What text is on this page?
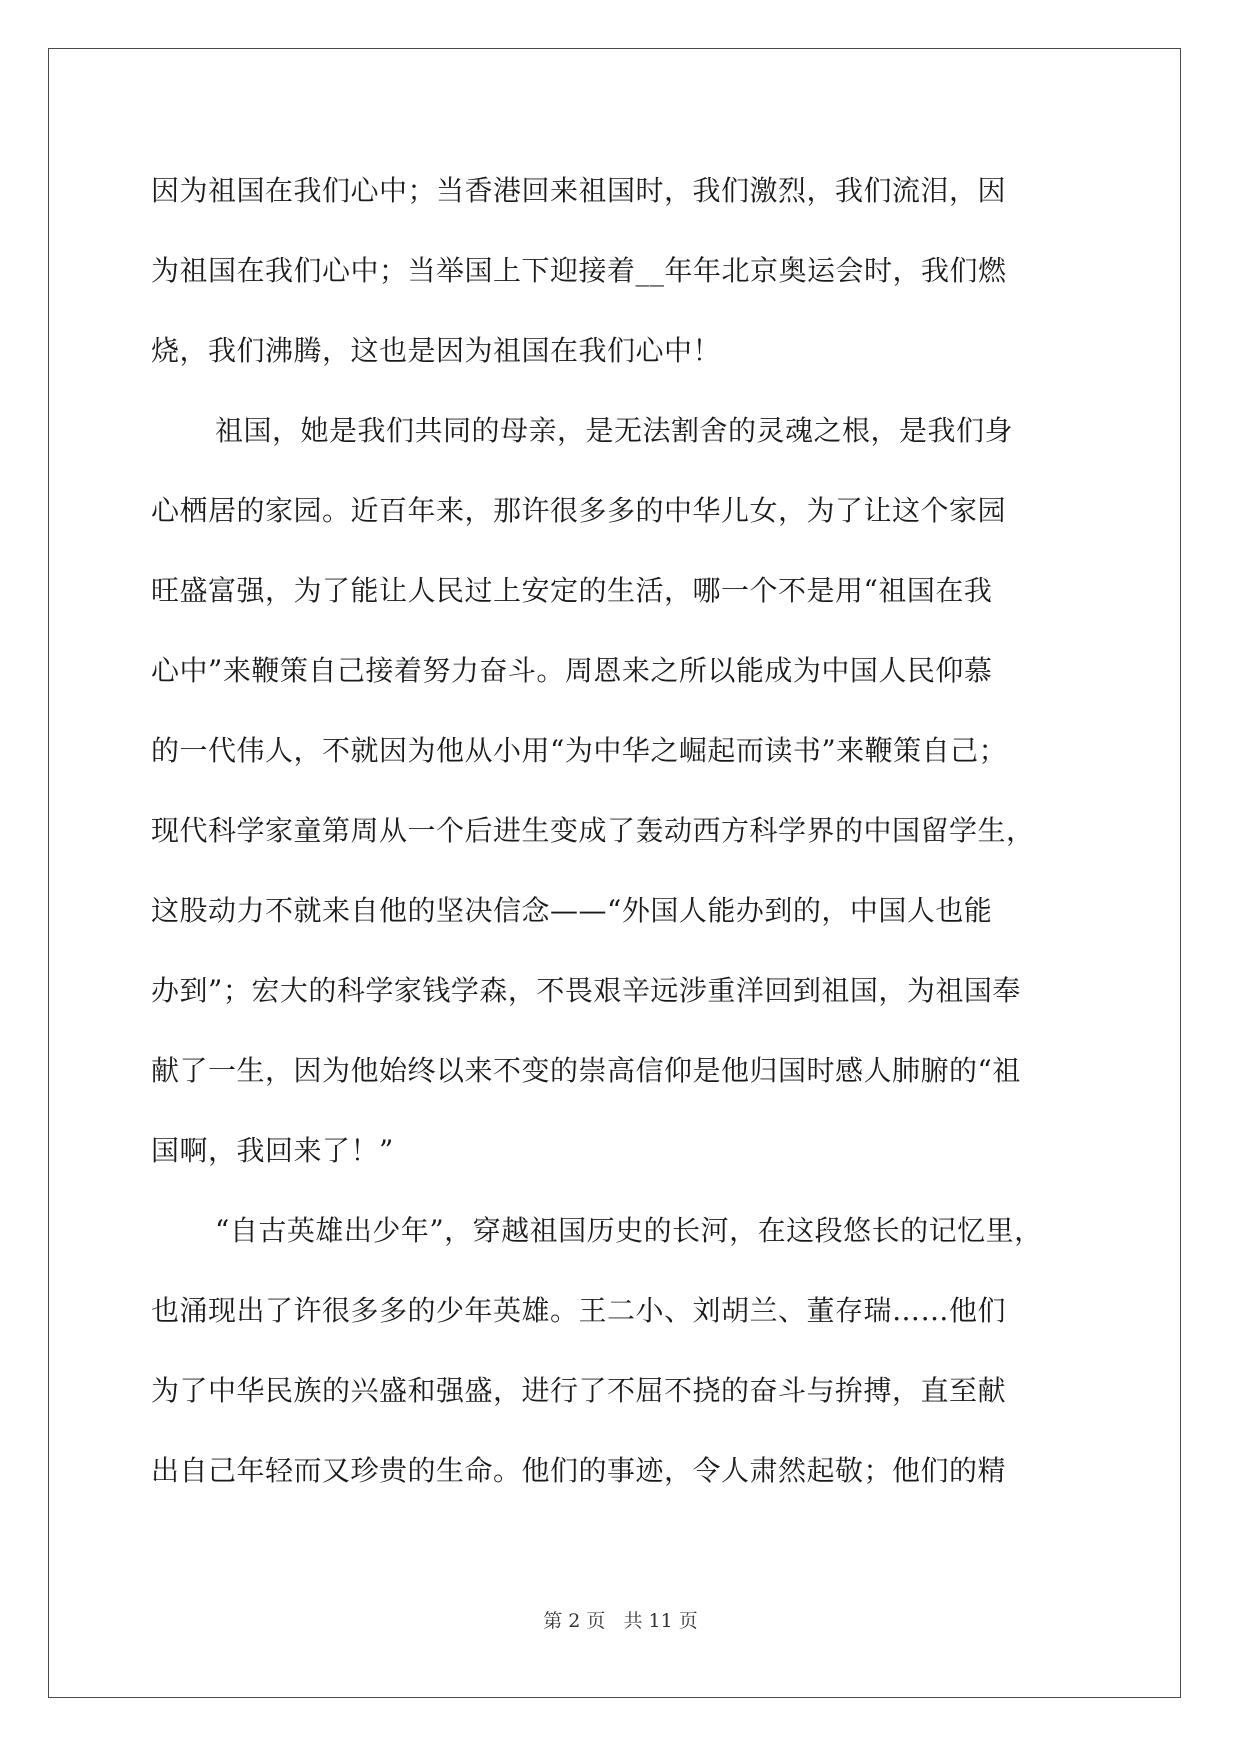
因为祖国在我们心中；当香港回来祖国时，我们激烈，我们流泪，因
为祖国在我们心中；当举国上下迎接着__年年北京奥运会时，我们燃
烧，我们沸腾，这也是因为祖国在我们心中！
祖国，她是我们共同的母亲，是无法割舍的灵魂之根，是我们身
心栖居的家园。近百年来，那许很多多的中华儿女，为了让这个家园
旺盛富强，为了能让人民过上安定的生活，哪一个不是用“祖国在我
心中”来鞭策自己接着努力奋斗。周恩来之所以能成为中国人民仰慕
的一代伟人，不就因为他从小用“为中华之崛起而读书”来鞭策自己；
现代科学家童第周从一个后进生变成了轰动西方科学界的中国留学生，
这股动力不就来自他的坚决信念——“外国人能办到的，中国人也能
办到”；宏大的科学家钱学森，不畏艰辛远涉重洋回到祖国，为祖国奉
献了一生，因为他始终以来不变的崇高信仰是他归国时感人肺腑的“祖
国啊，我回来了！”
“自古英雄出少年”，穿越祖国历史的长河，在这段悠长的记忆里，
也涌现出了许很多多的少年英雄。王二小、刘胡兰、董存瑞……他们
为了中华民族的兴盛和强盛，进行了不屈不挠的奋斗与拚搏，直至献
出自己年轻而又珍贵的生命。他们的事迹，令人肃然起敬；他们的精
第 2 页 共 11 页
